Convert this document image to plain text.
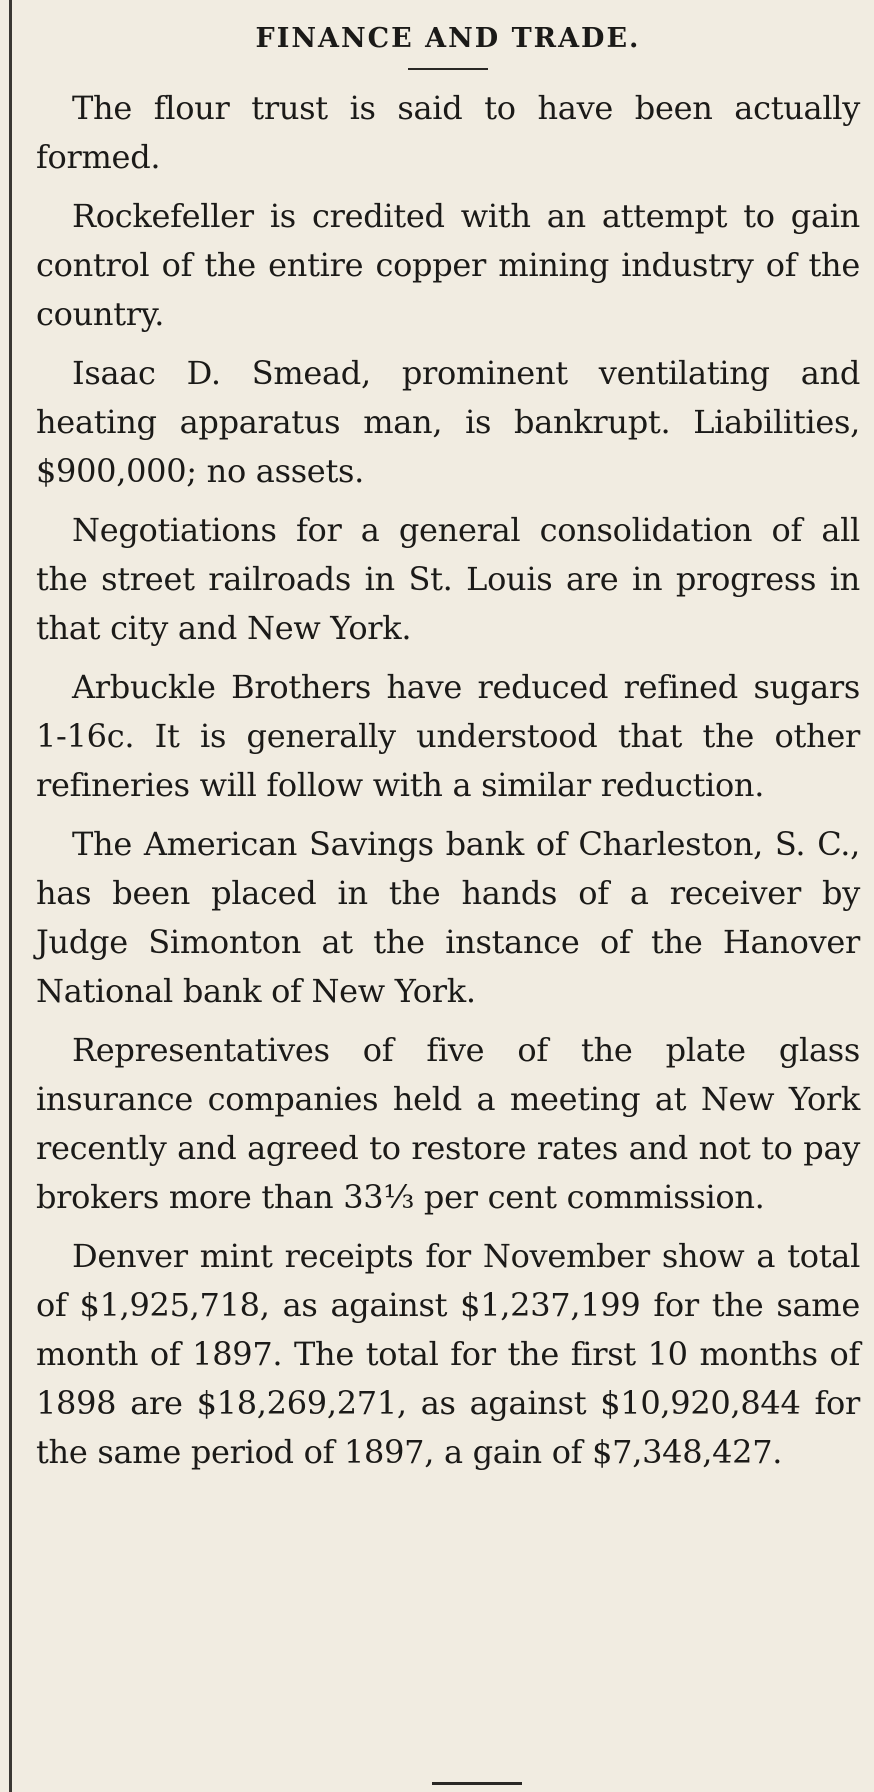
FINANCE AND TRADE.

The flour trust is said to have been actually formed.

Rockefeller is credited with an attempt to gain control of the entire copper mining industry of the country.

Isaac D. Smead, prominent ventilating and heating apparatus man, is bankrupt. Liabilities, $900,000; no assets.

Negotiations for a general consolidation of all the street railroads in St. Louis are in progress in that city and New York.

Arbuckle Brothers have reduced refined sugars 1-16c. It is generally understood that the other refineries will follow with a similar reduction.

The American Savings bank of Charleston, S. C., has been placed in the hands of a receiver by Judge Simonton at the instance of the Hanover National bank of New York.

Representatives of five of the plate glass insurance companies held a meeting at New York recently and agreed to restore rates and not to pay brokers more than 33⅓ per cent commission.

Denver mint receipts for November show a total of $1,925,718, as against $1,237,199 for the same month of 1897. The total for the first 10 months of 1898 are $18,269,271, as against $10,920,844 for the same period of 1897, a gain of $7,348,427.
